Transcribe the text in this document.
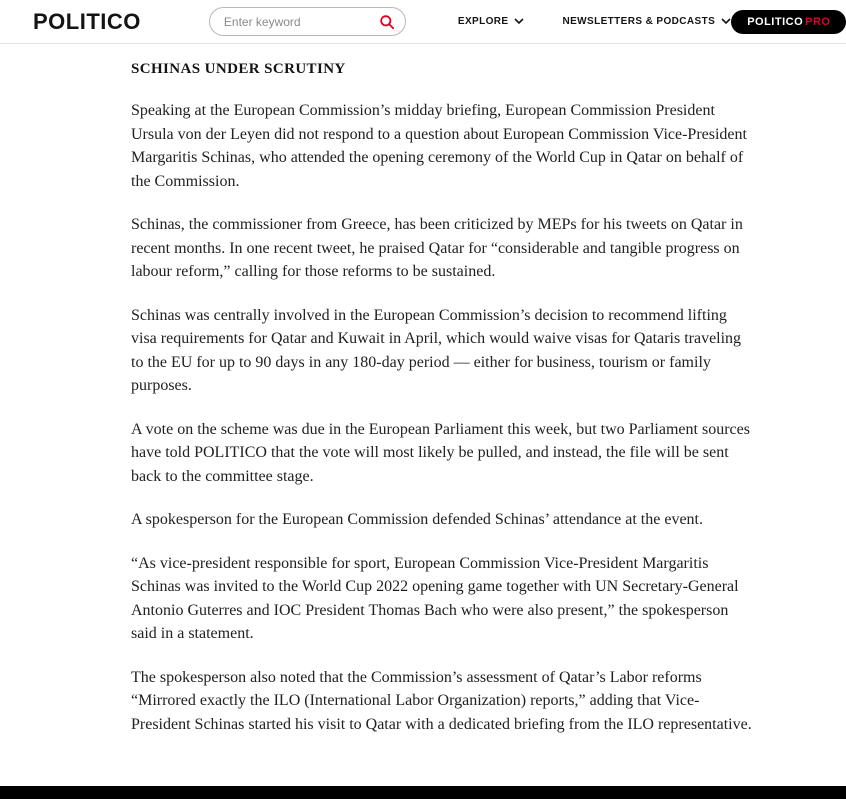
POLITICO
Enter keyword	EXPLORE	NEWSLETTERS & PODCASTS	POLITICO PRO
SCHINAS UNDER SCRUTINY

Speaking at the European Commission’s midday briefing, European Commission President Ursula von der Leyen did not respond to a question about European Commission Vice-President Margaritis Schinas, who attended the opening ceremony of the World Cup in Qatar on behalf of the Commission.

Schinas, the commissioner from Greece, has been criticized by MEPs for his tweets on Qatar in recent months. In one recent tweet, he praised Qatar for “considerable and tangible progress on labour reform,” calling for those reforms to be sustained.

Schinas was centrally involved in the European Commission’s decision to recommend lifting visa requirements for Qatar and Kuwait in April, which would waive visas for Qataris traveling to the EU for up to 90 days in any 180-day period — either for business, tourism or family purposes.

A vote on the scheme was due in the European Parliament this week, but two Parliament sources have told POLITICO that the vote will most likely be pulled, and instead, the file will be sent back to the committee stage.

A spokesperson for the European Commission defended Schinas’ attendance at the event.

“As vice-president responsible for sport, European Commission Vice-President Margaritis Schinas was invited to the World Cup 2022 opening game together with UN Secretary-General Antonio Guterres and IOC President Thomas Bach who were also present,” the spokesperson said in a statement.

The spokesperson also noted that the Commission’s assessment of Qatar’s Labor reforms “Mirrored exactly the ILO (International Labor Organization) reports,” adding that Vice-President Schinas started his visit to Qatar with a dedicated briefing from the ILO representative.
